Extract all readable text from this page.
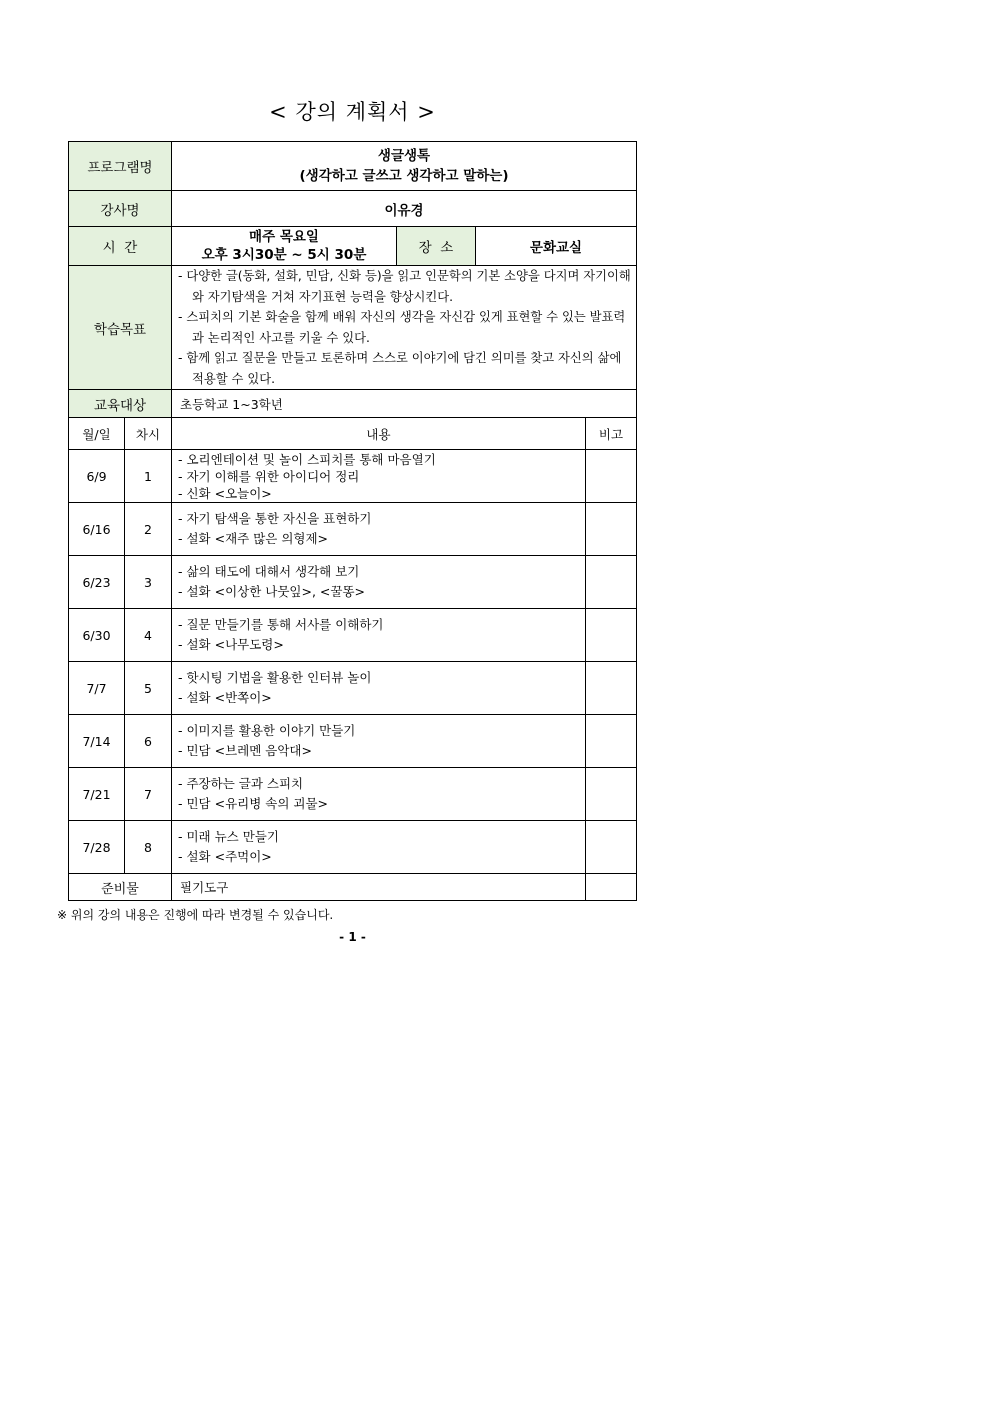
< 강의 계획서 >
프로그램명		생글생톡
(생각하고 글쓰고 생각하고 말하는)			

강사명		이유경			
시  간		매주 목요일
오후 3시30분 ~ 5시 30분	장  소	문화교실	
학습목표		- 다양한 글(동화, 설화, 민담, 신화 등)을 읽고 인문학의 기본 소양을 다지며 자기이해와 자기탐색을 거쳐 자기표현 능력을 향상시킨다.
- 스피치의 기본 화술을 함께 배워 자신의 생각을 자신감 있게 표현할 수 있는 발표력과 논리적인 사고를 키울 수 있다.
- 함께 읽고 질문을 만들고 토론하며 스스로 이야기에 담긴 의미를 찾고 자신의 삶에 적용할 수 있다.			

교육대상		초등학교 1~3학년			
월/일	차시	내용			비고
6/9	1	- 오리엔테이션 및 놀이 스피치를 통해 마음열기
- 자기 이해를 위한 아이디어 정리
- 신화 <오늘이>			

6/16	2	- 자기 탐색을 통한 자신을 표현하기
- 설화 <재주 많은 의형제>			

6/23	3	- 삶의 태도에 대해서 생각해 보기
- 설화 <이상한 나뭇잎>, <꿀똥>			

6/30	4	- 질문 만들기를 통해 서사를 이해하기
- 설화 <나무도령>			

7/7	5	- 핫시팅 기법을 활용한 인터뷰 놀이
- 설화 <반쪽이>			

7/14	6	- 이미지를 활용한 이야기 만들기
- 민담 <브레멘 음악대>			

7/21	7	- 주장하는 글과 스피치
- 민담 <유리병 속의 괴물>			

7/28	8	- 미래 뉴스 만들기
- 설화 <주먹이>			

준비물		필기도구			
※ 위의 강의 내용은 진행에 따라 변경될 수 있습니다.
- 1 -
